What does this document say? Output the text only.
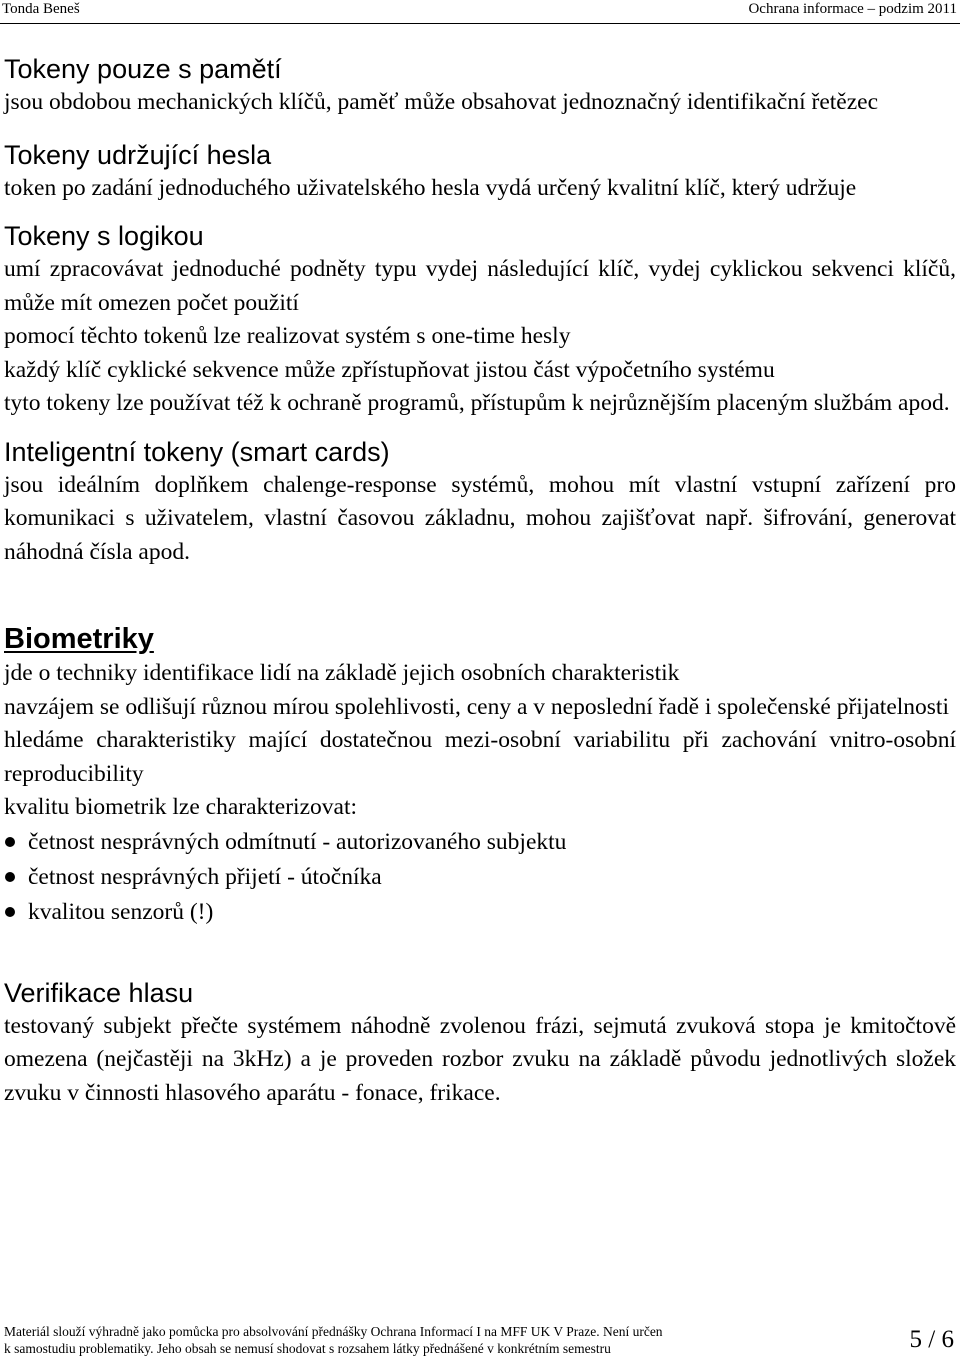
Tonda Beneš	Ochrana informace – podzim 2011
Tokeny pouze s pamětí

jsou obdobou mechanických klíčů, paměť může obsahovat jednoznačný identifikační řetězec

Tokeny udržující hesla

token po zadání jednoduchého uživatelského hesla vydá určený kvalitní klíč, který udržuje

Tokeny s logikou

umí zpracovávat jednoduché podněty typu vydej následující klíč, vydej cyklickou sekvenci klíčů, může mít omezen počet použití

pomocí těchto tokenů lze realizovat systém s one-time hesly

každý klíč cyklické sekvence může zpřístupňovat jistou část výpočetního systému

tyto tokeny lze používat též k ochraně programů, přístupům k nejrůznějším placeným službám apod.

Inteligentní tokeny (smart cards)

jsou ideálním doplňkem chalenge-response systémů, mohou mít vlastní vstupní zařízení pro komunikaci s uživatelem, vlastní časovou základnu, mohou zajišťovat např. šifrování, generovat náhodná čísla apod.

Biometriky

jde o techniky identifikace lidí na základě jejich osobních charakteristik

navzájem se odlišují různou mírou spolehlivosti, ceny a v neposlední řadě i společenské přijatelnosti

hledáme charakteristiky mající dostatečnou mezi-osobní variabilitu při zachování vnitro-osobní reproducibility

kvalitu biometrik lze charakterizovat:

četnost nesprávných odmítnutí - autorizovaného subjektu
četnost nesprávných přijetí - útočníka
kvalitou senzorů (!)
Verifikace hlasu

testovaný subjekt přečte systémem náhodně zvolenou frázi, sejmutá zvuková stopa je kmitočtově omezena (nejčastěji na 3kHz) a je proveden rozbor zvuku na základě původu jednotlivých složek zvuku v činnosti hlasového aparátu - fonace, frikace.

Materiál slouží výhradně jako pomůcka pro absolvování přednášky Ochrana Informací I na MFF UK V Praze. Není určen
k samostudiu problematiky. Jeho obsah se nemusí shodovat s rozsahem látky přednášené v konkrétním semestru	5 / 6
